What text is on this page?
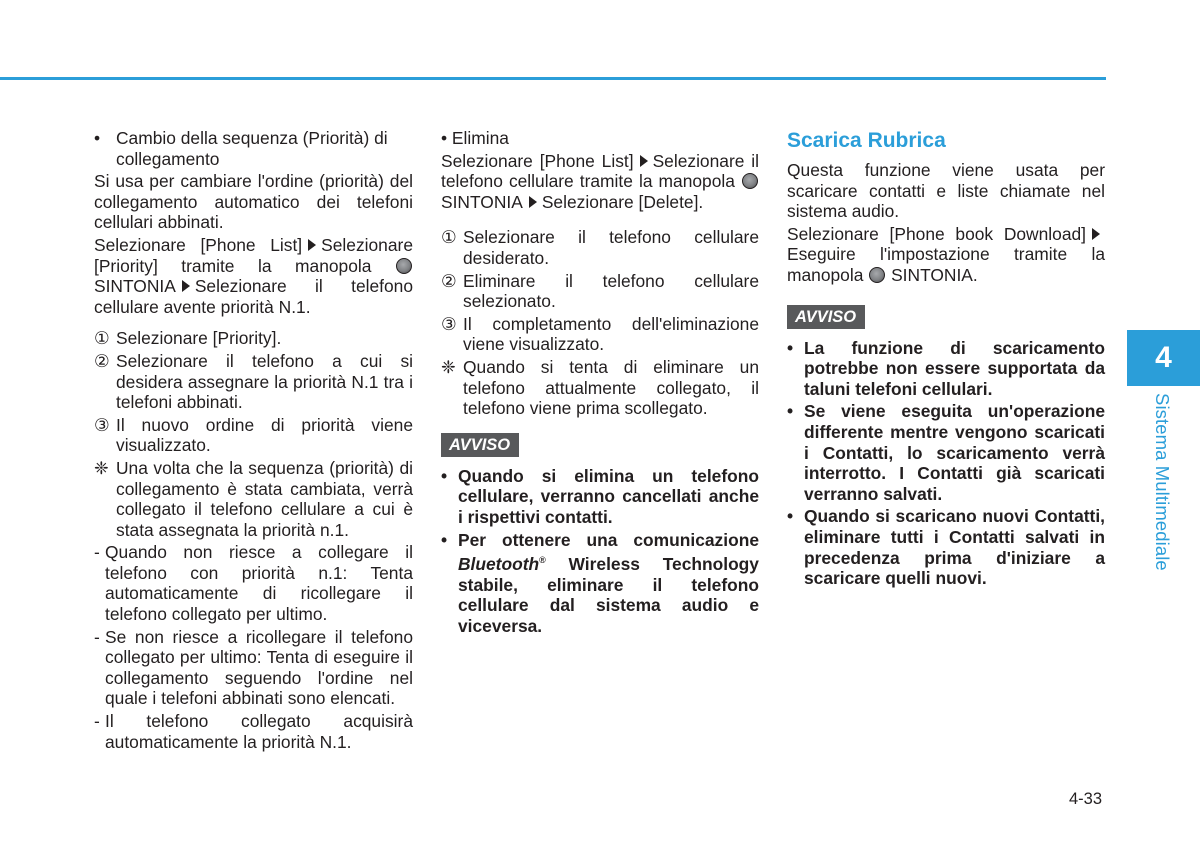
• Cambio della sequenza (Priorità) di collegamento

Si usa per cambiare l'ordine (priorità) del collegamento automatico dei telefoni cellulari abbinati.

Selezionare [Phone List] Selezionare [Priority] tramite la manopola  SINTONIA Selezionare il telefono cellulare avente priorità N.1.

① Selezionare [Priority].
② Selezionare il telefono a cui si desidera assegnare la priorità N.1 tra i telefoni abbinati.
③ Il nuovo ordine di priorità viene visualizzato.
❈ Una volta che la sequenza (priorità) di collegamento è stata cambiata, verrà collegato il telefono cellulare a cui è stata assegnata la priorità n.1.
- Quando non riesce a collegare il telefono con priorità n.1: Tenta automaticamente di ricollegare il telefono collegato per ultimo.
- Se non riesce a ricollegare il telefono collegato per ultimo: Tenta di eseguire il collegamento seguendo l'ordine nel quale i telefoni abbinati sono elencati.
- Il telefono collegato acquisirà automaticamente la priorità N.1.

• Elimina

Selezionare [Phone List] Selezionare il telefono cellulare tramite la manopola  SINTONIA Selezionare [Delete].

① Selezionare il telefono cellulare desiderato.
② Eliminare il telefono cellulare selezionato.
③ Il completamento dell'eliminazione viene visualizzato.
❈ Quando si tenta di eliminare un telefono attualmente collegato, il telefono viene prima scollegato.
AVVISO
• Quando si elimina un telefono cellulare, verranno cancellati anche i rispettivi contatti.
• Per ottenere una comunicazione Bluetooth® Wireless Technology stabile, eliminare il telefono cellulare dal sistema audio e viceversa.
Scarica Rubrica

Questa funzione viene usata per scaricare contatti e liste chiamate nel sistema audio.

Selezionare [Phone book Download]Eseguire l'impostazione tramite la manopola SINTONIA.

AVVISO
• La funzione di scaricamento potrebbe non essere supportata da taluni telefoni cellulari.
• Se viene eseguita un'operazione differente mentre vengono scaricati i Contatti, lo scaricamento verrà interrotto. I Contatti già scaricati verranno salvati.
• Quando si scaricano nuovi Contatti, eliminare tutti i Contatti salvati in precedenza prima d'iniziare a scaricare quelli nuovi.
4
Sistema Multimediale
4-33
